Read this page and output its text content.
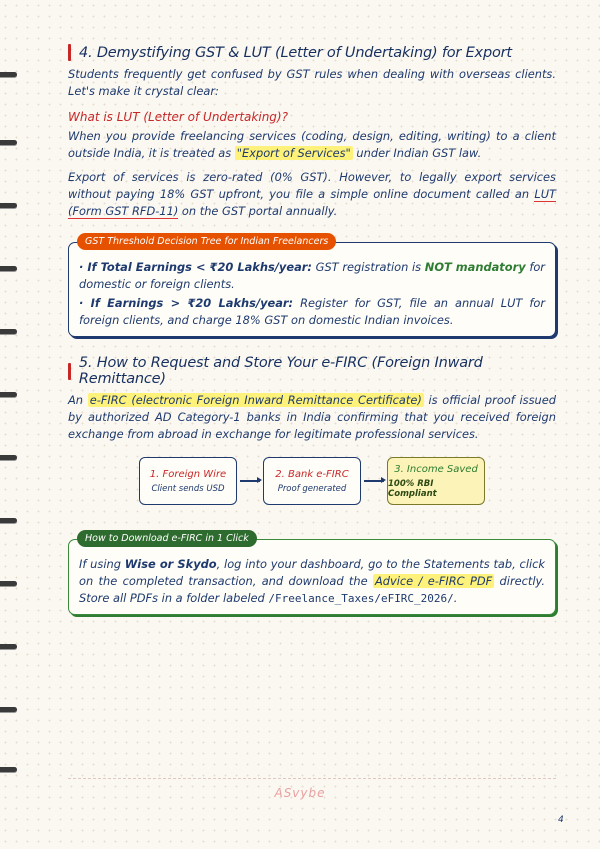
4. Demystifying GST & LUT (Letter of Undertaking) for Export

Students frequently get confused by GST rules when dealing with overseas clients. Let's make it crystal clear:

What is LUT (Letter of Undertaking)?

When you provide freelancing services (coding, design, editing, writing) to a client outside India, it is treated as "Export of Services" under Indian GST law.

Export of services is zero-rated (0% GST). However, to legally export services without paying 18% GST upfront, you file a simple online document called an LUT (Form GST RFD-11) on the GST portal annually.

GST Threshold Decision Tree for Indian Freelancers

· If Total Earnings < ₹20 Lakhs/year: GST registration is NOT mandatory for domestic or foreign clients.

· If Earnings > ₹20 Lakhs/year: Register for GST, file an annual LUT for foreign clients, and charge 18% GST on domestic Indian invoices.

5. How to Request and Store Your e-FIRC (Foreign Inward Remittance)

An e-FIRC (electronic Foreign Inward Remittance Certificate) is official proof issued by authorized AD Category-1 banks in India confirming that you received foreign exchange from abroad in exchange for legitimate professional services.

1. Foreign Wire
Client sends USD
2. Bank e-FIRC
Proof generated
3. Income Saved
100% RBI Compliant
How to Download e-FIRC in 1 Click

If using Wise or Skydo, log into your dashboard, go to the Statements tab, click on the completed transaction, and download the Advice / e-FIRC PDF directly. Store all PDFs in a folder labeled /Freelance_Taxes/eFIRC_2026/.

ASvybe
4
